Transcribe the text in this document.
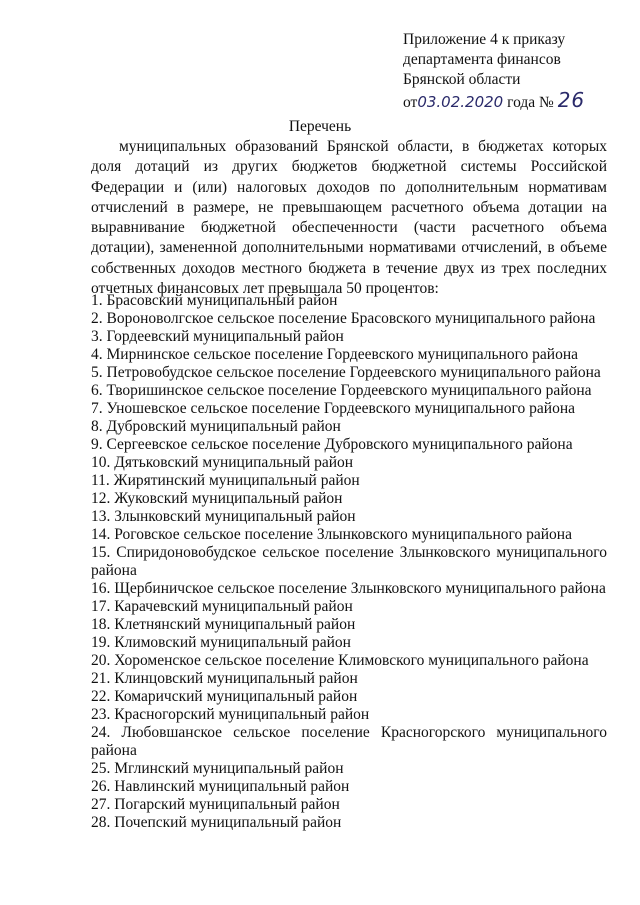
Приложение 4 к приказу
департамента финансов
Брянской области
от03.02.2020 года № 26
Перечень
муниципальных образований Брянской области, в бюджетах которых доля дотаций из других бюджетов бюджетной системы Российской Федерации и (или) налоговых доходов по дополнительным нормативам отчислений в размере, не превышающем расчетного объема дотации на выравнивание бюджетной обеспеченности (части расчетного объема дотации), замененной дополнительными нормативами отчислений, в объеме собственных доходов местного бюджета в течение двух из трех последних отчетных финансовых лет превышала 50 процентов:
1. Брасовский муниципальный район
2. Вороноволгское сельское поселение Брасовского муниципального района
3. Гордеевский муниципальный район
4. Мирнинское сельское поселение Гордеевского муниципального района
5. Петровобудское сельское поселение Гордеевского муниципального района
6. Творишинское сельское поселение Гордеевского муниципального района
7. Уношевское сельское поселение Гордеевского муниципального района
8. Дубровский муниципальный район
9. Сергеевское сельское поселение Дубровского муниципального района
10. Дятьковский муниципальный район
11. Жирятинский муниципальный район
12. Жуковский муниципальный район
13. Злынковский муниципальный район
14. Роговское сельское поселение Злынковского муниципального района
15. Спиридоновобудское сельское поселение Злынковского муниципального района
16. Щербиничское сельское поселение Злынковского муниципального района
17. Карачевский муниципальный район
18. Клетнянский муниципальный район
19. Климовский муниципальный район
20. Хороменское сельское поселение Климовского муниципального района
21. Клинцовский муниципальный район
22. Комаричский муниципальный район
23. Красногорский муниципальный район
24. Любовшанское сельское поселение Красногорского муниципального района
25. Мглинский муниципальный район
26. Навлинский муниципальный район
27. Погарский муниципальный район
28. Почепский муниципальный район
